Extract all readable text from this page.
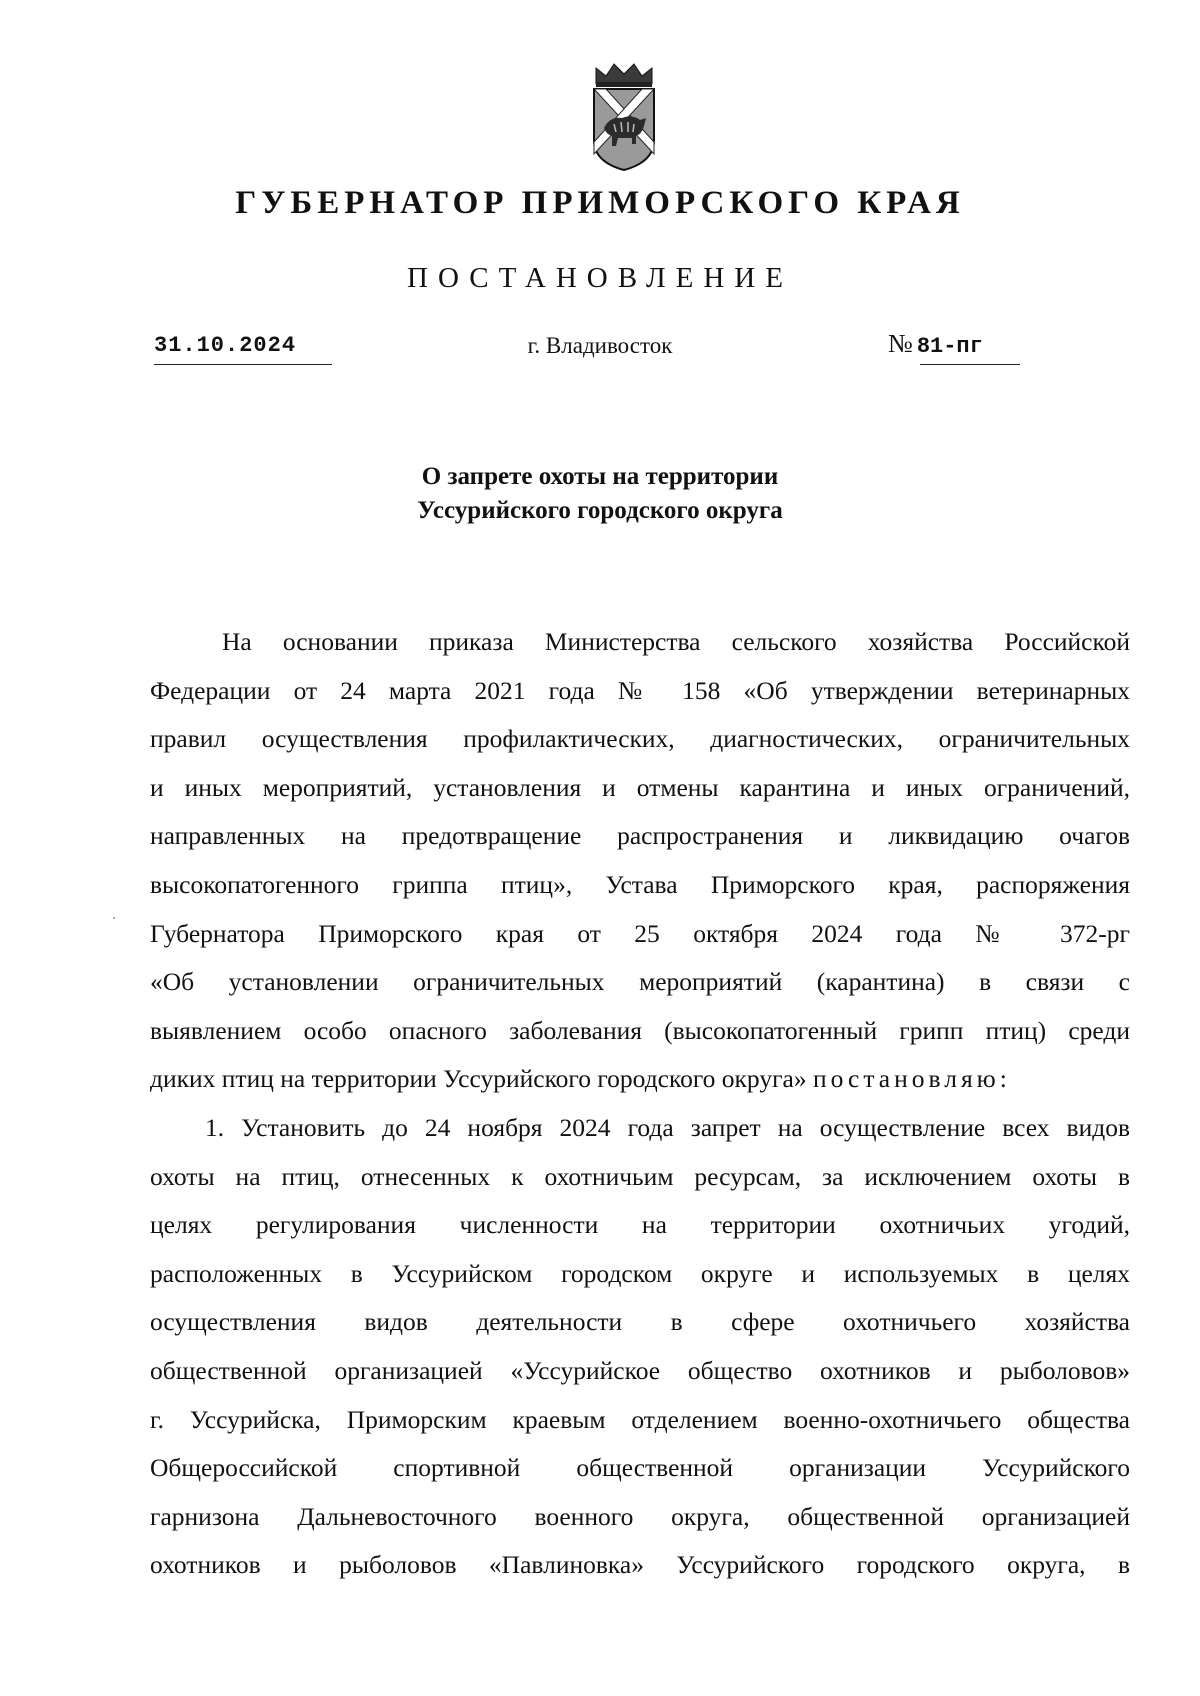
ГУБЕРНАТОР ПРИМОРСКОГО КРАЯ
ПОСТАНОВЛЕНИЕ
31.10.2024	г. Владивосток	№ 81-пг
О запрете охоты на территории
Уссурийского городского округа
На основании приказа Министерства сельского хозяйства Российской
Федерации от 24 марта 2021 года № 158 «Об утверждении ветеринарных
правил осуществления профилактических, диагностических, ограничительных
и иных мероприятий, установления и отмены карантина и иных ограничений,
направленных на предотвращение распространения и ликвидацию очагов
высокопатогенного гриппа птиц», Устава Приморского края, распоряжения
Губернатора Приморского края от 25 октября 2024 года № 372-рг
«Об установлении ограничительных мероприятий (карантина) в связи с
выявлением особо опасного заболевания (высокопатогенный грипп птиц) среди
диких птиц на территории Уссурийского городского округа» постановляю:
1. Установить до 24 ноября 2024 года запрет на осуществление всех видов
охоты на птиц, отнесенных к охотничьим ресурсам, за исключением охоты в
целях регулирования численности на территории охотничьих угодий,
расположенных в Уссурийском городском округе и используемых в целях
осуществления видов деятельности в сфере охотничьего хозяйства
общественной организацией «Уссурийское общество охотников и рыболовов»
г. Уссурийска, Приморским краевым отделением военно-охотничьего общества
Общероссийской спортивной общественной организации Уссурийского
гарнизона Дальневосточного военного округа, общественной организацией
охотников и рыболовов «Павлиновка» Уссурийского городского округа, в
